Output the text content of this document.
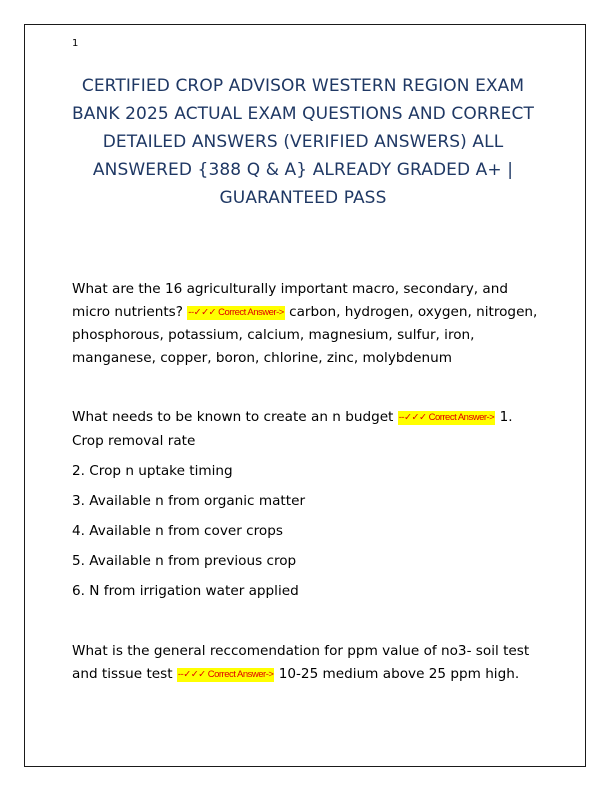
1
CERTIFIED CROP ADVISOR WESTERN REGION EXAM BANK 2025 ACTUAL EXAM QUESTIONS AND CORRECT DETAILED ANSWERS (VERIFIED ANSWERS) ALL ANSWERED {388 Q & A} ALREADY GRADED A+ | GUARANTEED PASS
What are the 16 agriculturally important macro, secondary, and micro nutrients? --✓✓✓ Correct Answer-> carbon, hydrogen, oxygen, nitrogen, phosphorous, potassium, calcium, magnesium, sulfur, iron, manganese, copper, boron, chlorine, zinc, molybdenum
What needs to be known to create an n budget --✓✓✓ Correct Answer-> 1. Crop removal rate
2. Crop n uptake timing
3. Available n from organic matter
4. Available n from cover crops
5. Available n from previous crop
6. N from irrigation water applied
What is the general reccomendation for ppm value of no3- soil test and tissue test --✓✓✓ Correct Answer-> 10-25 medium above 25 ppm high.
